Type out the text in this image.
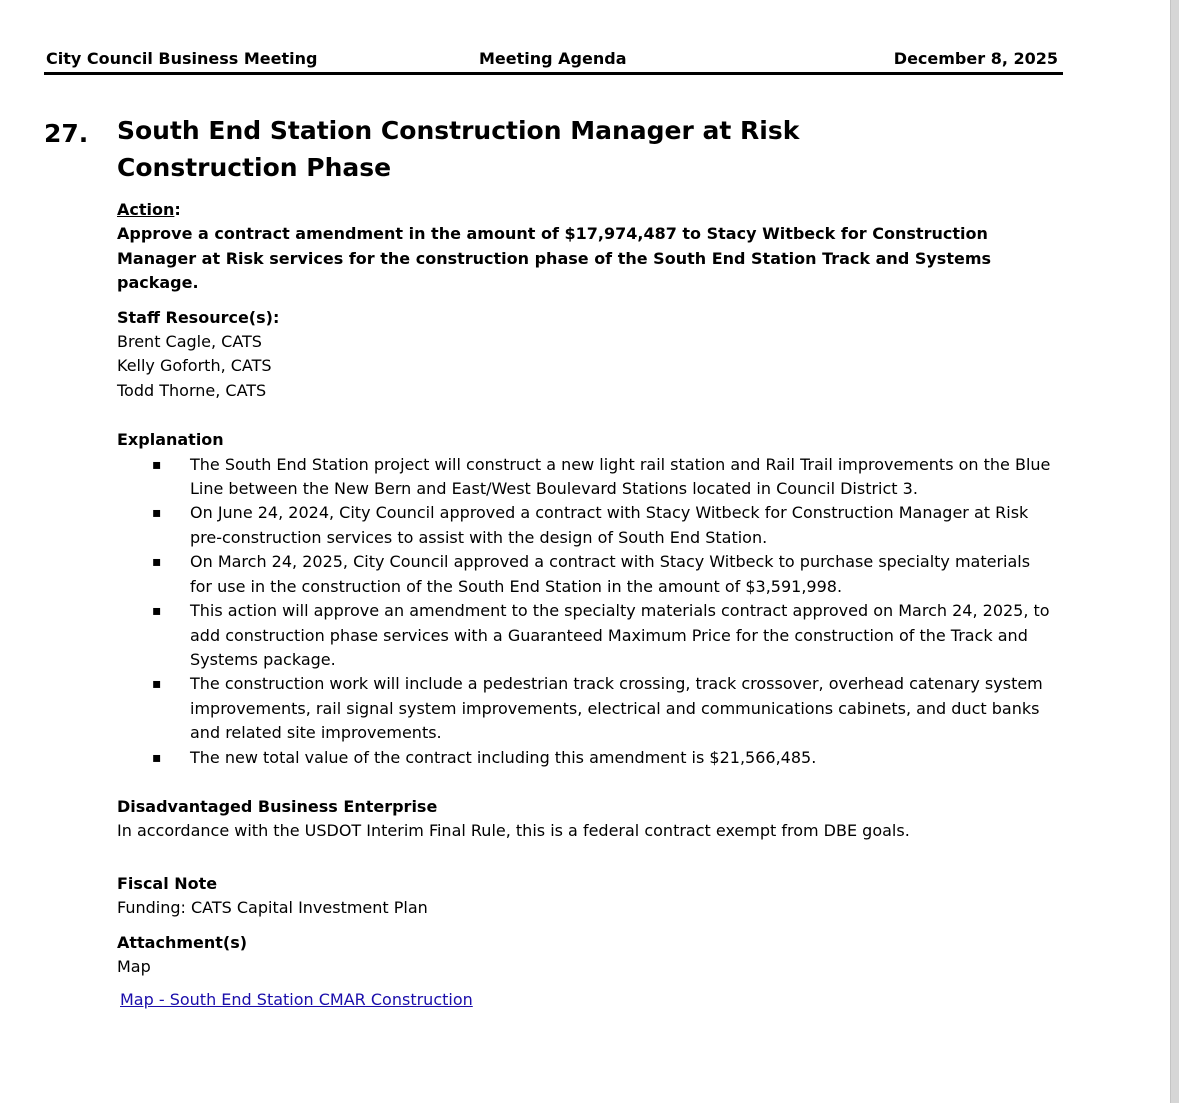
City Council Business Meeting	Meeting Agenda	December 8, 2025
27. South End Station Construction Manager at Risk
Construction Phase

Action:

Approve a contract amendment in the amount of $17,974,487 to Stacy Witbeck for Construction Manager at Risk services for the construction phase of the South End Station Track and Systems package.

Staff Resource(s):

Brent Cagle, CATS

Kelly Goforth, CATS

Todd Thorne, CATS

Explanation

▪ The South End Station project will construct a new light rail station and Rail Trail improvements on the Blue Line between the New Bern and East/West Boulevard Stations located in Council District 3.
▪ On June 24, 2024, City Council approved a contract with Stacy Witbeck for Construction Manager at Risk pre-construction services to assist with the design of South End Station.
▪ On March 24, 2025, City Council approved a contract with Stacy Witbeck to purchase specialty materials for use in the construction of the South End Station in the amount of $3,591,998.
▪ This action will approve an amendment to the specialty materials contract approved on March 24, 2025, to add construction phase services with a Guaranteed Maximum Price for the construction of the Track and Systems package.
▪ The construction work will include a pedestrian track crossing, track crossover, overhead catenary system improvements, rail signal system improvements, electrical and communications cabinets, and duct banks and related site improvements.
▪ The new total value of the contract including this amendment is $21,566,485.

Disadvantaged Business Enterprise

In accordance with the USDOT Interim Final Rule, this is a federal contract exempt from DBE goals.

Fiscal Note

Funding: CATS Capital Investment Plan

Attachment(s)

Map

Map - South End Station CMAR Construction
